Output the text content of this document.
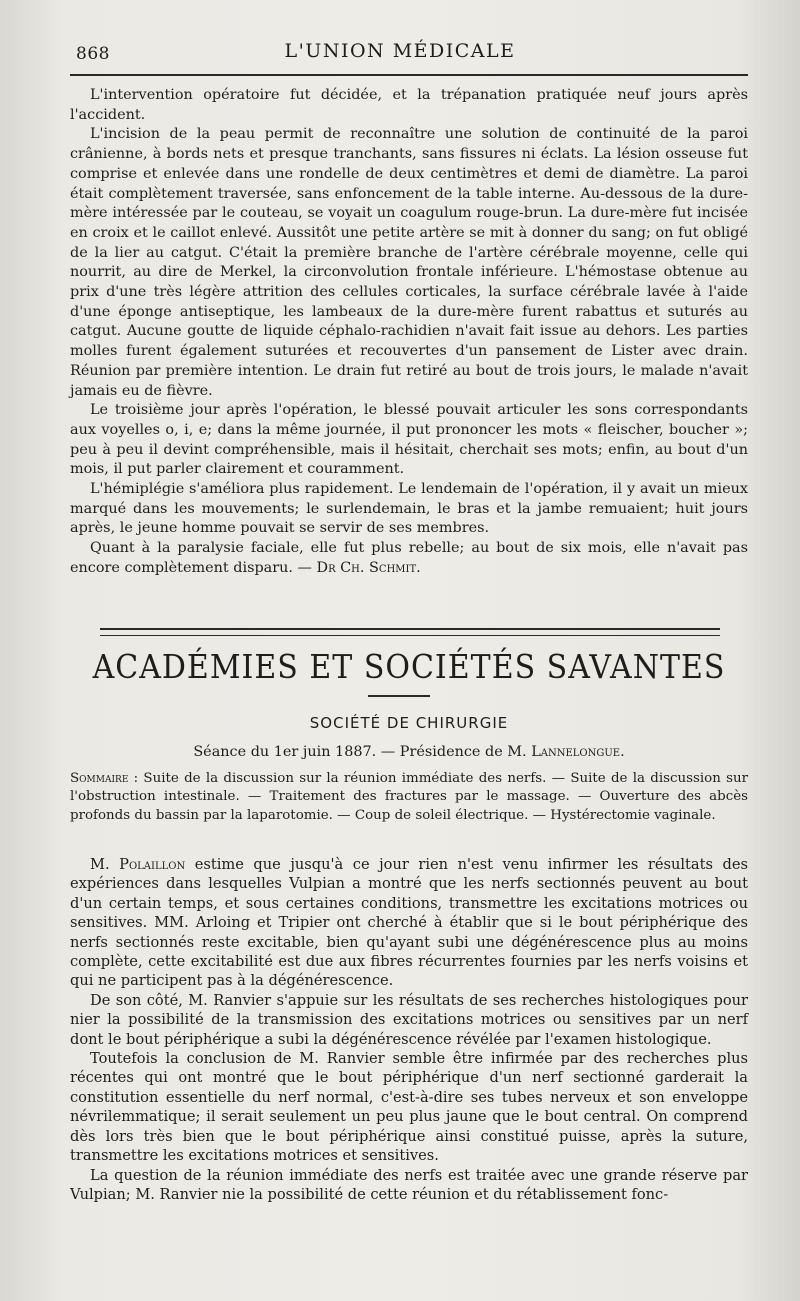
868	L'UNION MÉDICALE

L'intervention opératoire fut décidée, et la trépanation pratiquée neuf jours après l'accident.

L'incision de la peau permit de reconnaître une solution de continuité de la paroi crânienne, à bords nets et presque tranchants, sans fissures ni éclats. La lésion osseuse fut comprise et enlevée dans une rondelle de deux centimètres et demi de diamètre. La paroi était complètement traversée, sans enfoncement de la table interne. Au-dessous de la dure-mère intéressée par le couteau, se voyait un coagulum rouge-brun. La dure-mère fut incisée en croix et le caillot enlevé. Aussitôt une petite artère se mit à donner du sang; on fut obligé de la lier au catgut. C'était la première branche de l'artère cérébrale moyenne, celle qui nourrit, au dire de Merkel, la circonvolution frontale inférieure. L'hémostase obtenue au prix d'une très légère attrition des cellules corticales, la surface cérébrale lavée à l'aide d'une éponge antiseptique, les lambeaux de la dure-mère furent rabattus et suturés au catgut. Aucune goutte de liquide céphalo-rachidien n'avait fait issue au dehors. Les parties molles furent également suturées et recouvertes d'un pansement de Lister avec drain. Réunion par première intention. Le drain fut retiré au bout de trois jours, le malade n'avait jamais eu de fièvre.

Le troisième jour après l'opération, le blessé pouvait articuler les sons correspondants aux voyelles o, i, e; dans la même journée, il put prononcer les mots « fleischer, boucher »; peu à peu il devint compréhensible, mais il hésitait, cherchait ses mots; enfin, au bout d'un mois, il put parler clairement et couramment.

L'hémiplégie s'améliora plus rapidement. Le lendemain de l'opération, il y avait un mieux marqué dans les mouvements; le surlendemain, le bras et la jambe remuaient; huit jours après, le jeune homme pouvait se servir de ses membres.

Quant à la paralysie faciale, elle fut plus rebelle; au bout de six mois, elle n'avait pas encore complètement disparu. — Dr Ch. Schmit.

ACADÉMIES ET SOCIÉTÉS SAVANTES
SOCIÉTÉ DE CHIRURGIE
Séance du 1er juin 1887. — Présidence de M. Lannelongue.
Sommaire : Suite de la discussion sur la réunion immédiate des nerfs. — Suite de la discussion sur l'obstruction intestinale. — Traitement des fractures par le massage. — Ouverture des abcès profonds du bassin par la laparotomie. — Coup de soleil électrique. — Hystérectomie vaginale.

M. Polaillon estime que jusqu'à ce jour rien n'est venu infirmer les résultats des expériences dans lesquelles Vulpian a montré que les nerfs sectionnés peuvent au bout d'un certain temps, et sous certaines conditions, transmettre les excitations motrices ou sensitives. MM. Arloing et Tripier ont cherché à établir que si le bout périphérique des nerfs sectionnés reste excitable, bien qu'ayant subi une dégénérescence plus au moins complète, cette excitabilité est due aux fibres récurrentes fournies par les nerfs voisins et qui ne participent pas à la dégénérescence.

De son côté, M. Ranvier s'appuie sur les résultats de ses recherches histologiques pour nier la possibilité de la transmission des excitations motrices ou sensitives par un nerf dont le bout périphérique a subi la dégénérescence révélée par l'examen histologique.

Toutefois la conclusion de M. Ranvier semble être infirmée par des recherches plus récentes qui ont montré que le bout périphérique d'un nerf sectionné garderait la constitution essentielle du nerf normal, c'est-à-dire ses tubes nerveux et son enveloppe névrilemmatique; il serait seulement un peu plus jaune que le bout central. On comprend dès lors très bien que le bout périphérique ainsi constitué puisse, après la suture, transmettre les excitations motrices et sensitives.

La question de la réunion immédiate des nerfs est traitée avec une grande réserve par Vulpian; M. Ranvier nie la possibilité de cette réunion et du rétablissement fonc-
